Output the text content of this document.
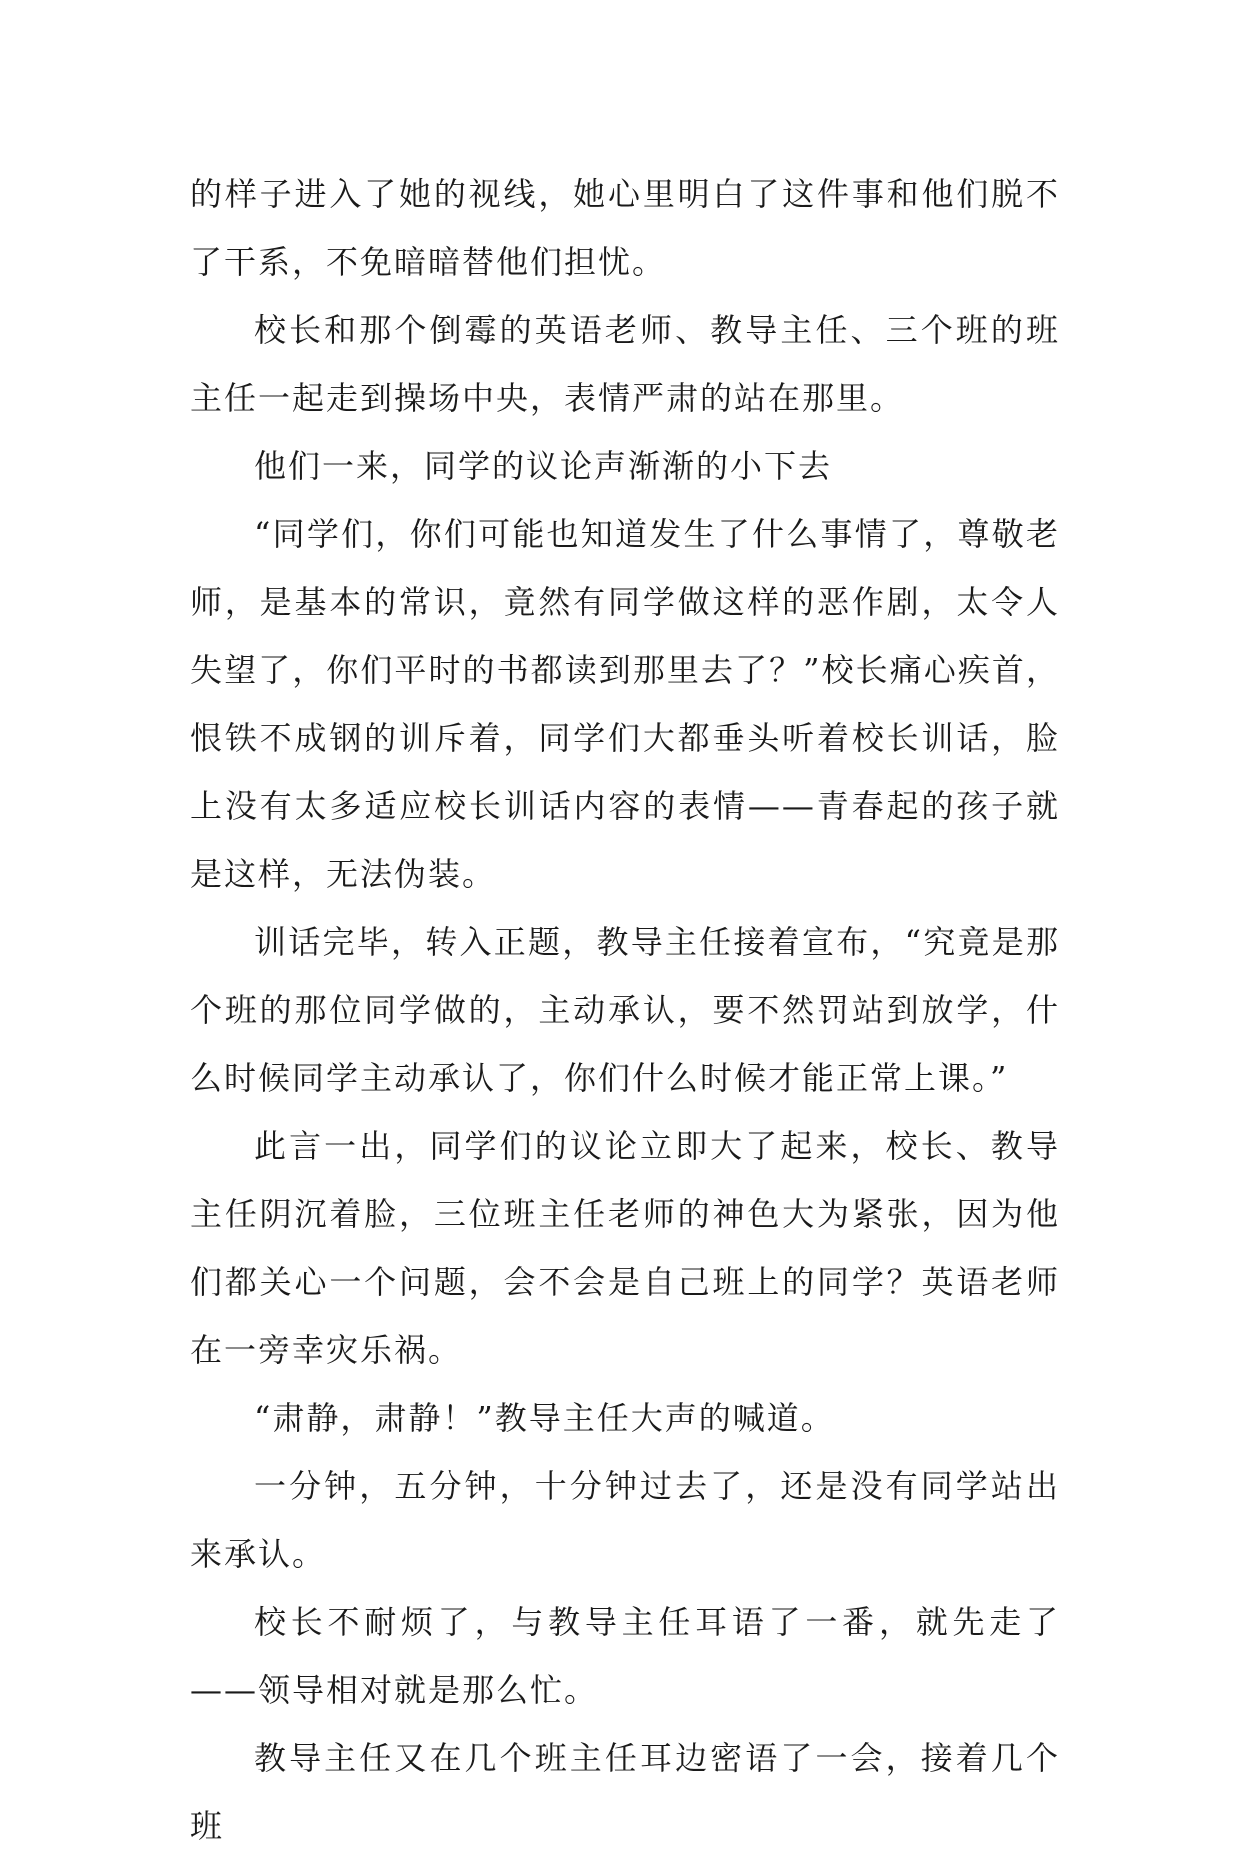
的样子进入了她的视线，她心里明白了这件事和他们脱不了干系，不免暗暗替他们担忧。

校长和那个倒霉的英语老师、教导主任、三个班的班主任一起走到操场中央，表情严肃的站在那里。

他们一来，同学的议论声渐渐的小下去

“同学们，你们可能也知道发生了什么事情了，尊敬老师，是基本的常识，竟然有同学做这样的恶作剧，太令人失望了，你们平时的书都读到那里去了？”校长痛心疾首，恨铁不成钢的训斥着，同学们大都垂头听着校长训话，脸上没有太多适应校长训话内容的表情——青春起的孩子就是这样，无法伪装。

训话完毕，转入正题，教导主任接着宣布，“究竟是那个班的那位同学做的，主动承认，要不然罚站到放学，什么时候同学主动承认了，你们什么时候才能正常上课。”

此言一出，同学们的议论立即大了起来，校长、教导主任阴沉着脸，三位班主任老师的神色大为紧张，因为他们都关心一个问题，会不会是自己班上的同学？英语老师在一旁幸灾乐祸。

“肃静，肃静！”教导主任大声的喊道。

一分钟，五分钟，十分钟过去了，还是没有同学站出来承认。

校长不耐烦了，与教导主任耳语了一番，就先走了——领导相对就是那么忙。

教导主任又在几个班主任耳边密语了一会，接着几个班
